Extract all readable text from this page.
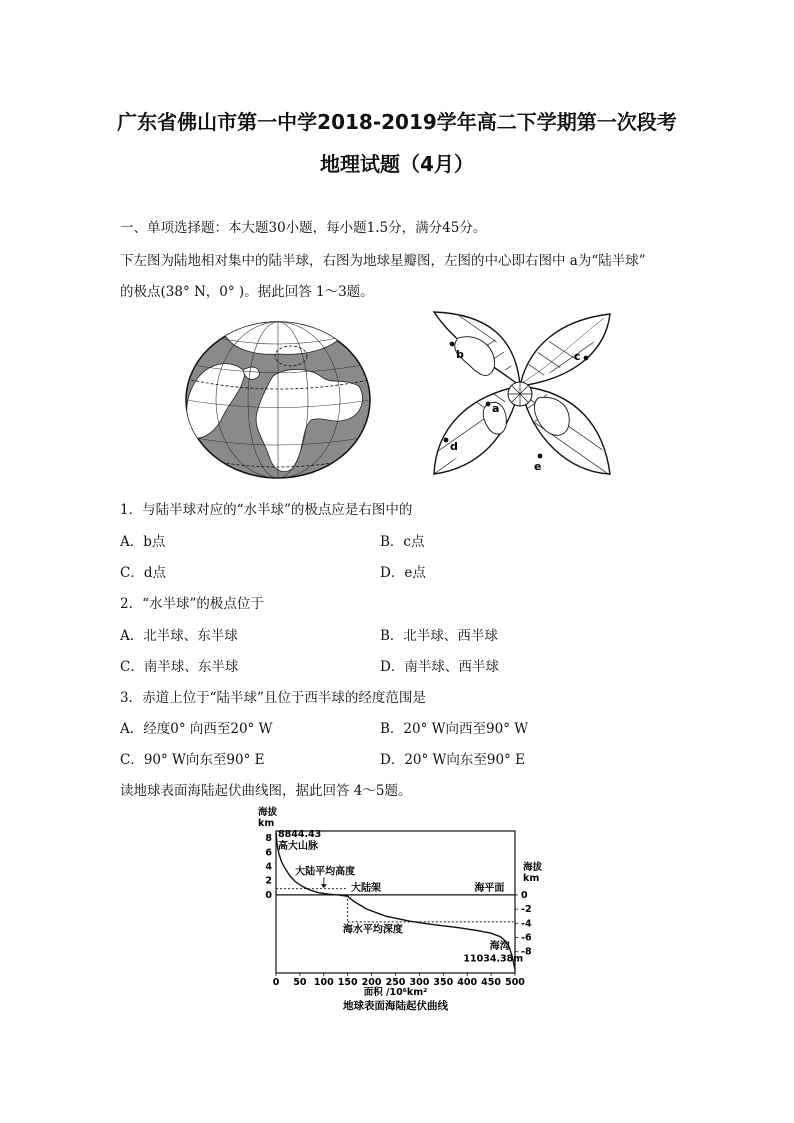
广东省佛山市第一中学2018-2019学年高二下学期第一次段考
地理试题（4月）
一、单项选择题：本大题30小题，每小题1.5分，满分45分。
下左图为陆地相对集中的陆半球，右图为地球星瓣图，左图的中心即右图中 a为“陆半球”
的极点(38° N，0° )。据此回答 1～3题。
b	c
a
d
e
1．与陆半球对应的“水半球”的极点应是右图中的
A．b点	B．c点
C．d点	D．e点
2．“水半球”的极点位于
A．北半球、东半球	B．北半球、西半球
C．南半球、东半球	D．南半球、西半球
3．赤道上位于“陆半球”且位于西半球的经度范围是
A．经度0° 向西至20° W	B．20° W向西至90° W
C．90° W向东至90° E	D．20° W向东至90° E
读地球表面海陆起伏曲线图，据此回答 4～5题。
0 50 100 150 200 250 300 350 400 450 500
8
6
4
2
0	0
-2
-4
-6
-8
海拔
km
海拔
km
面积 /10⁶km²
地球表面海陆起伏曲线
8844.43
高大山脉
大陆平均高度
大陆架	海平面
海水平均深度
海沟
11034.38m
